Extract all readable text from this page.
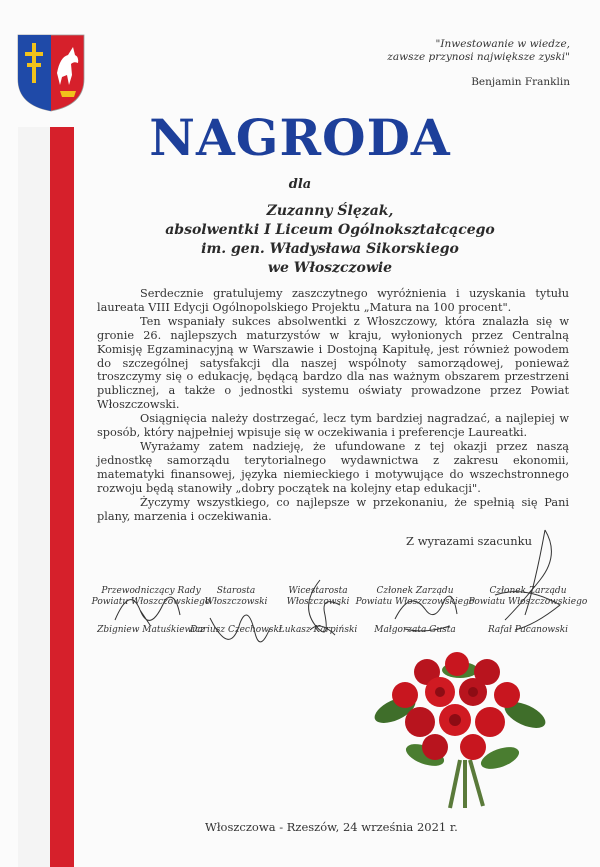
"Inwestowanie w wiedze,
zawsze przynosi największe zyski"
Benjamin Franklin
NAGRODA
dla
Zuzanny Ślęzak,
absolwentki I Liceum Ogólnokształcącego
im. gen. Władysława Sikorskiego
we Włoszczowie

Serdecznie gratulujemy zaszczytnego wyróżnienia i uzyskania tytułu laureata VIII Edycji Ogólnopolskiego Projektu „Matura na 100 procent".

Ten wspaniały sukces absolwentki z Włoszczowy, która znalazła się w gronie 26. najlepszych maturzystów w kraju, wyłonionych przez Centralną Komisję Egzaminacyjną w Warszawie i Dostojną Kapitułę, jest również powodem do szczególnej satysfakcji dla naszej wspólnoty samorządowej, ponieważ troszczymy się o edukację, będącą bardzo dla nas ważnym obszarem przestrzeni publicznej, a także o jednostki systemu oświaty prowadzone przez Powiat Włoszczowski.

Osiągnięcia należy dostrzegać, lecz tym bardziej nagradzać, a najlepiej w sposób, który najpełniej wpisuje się w oczekiwania i preferencje Laureatki.

Wyrażamy zatem nadzieję, że ufundowane z tej okazji przez naszą jednostkę samorządu terytorialnego wydawnictwa z zakresu ekonomii, matematyki finansowej, języka niemieckiego i motywujące do wszechstronnego rozwoju będą stanowiły „dobry początek na kolejny etap edukacji".

Życzymy wszystkiego, co najlepsze w przekonaniu, że spełnią się Pani plany, marzenia i oczekiwania.

Z wyrazami szacunku
Przewodniczący Rady
Powiatu Włoszczowskiego
Zbigniew Matuśkiewicz
Starosta
Włoszczowski
Dariusz Czechowski
Wicestarosta
Włoszczowski
Łukasz Karpiński
Członek Zarządu
Powiatu Włoszczowskiego
Małgorzata Gusta
Członek Zarządu
Powiatu Włoszczowskiego
Rafał Pacanowski
Włoszczowa - Rzeszów, 24 września 2021 r.
